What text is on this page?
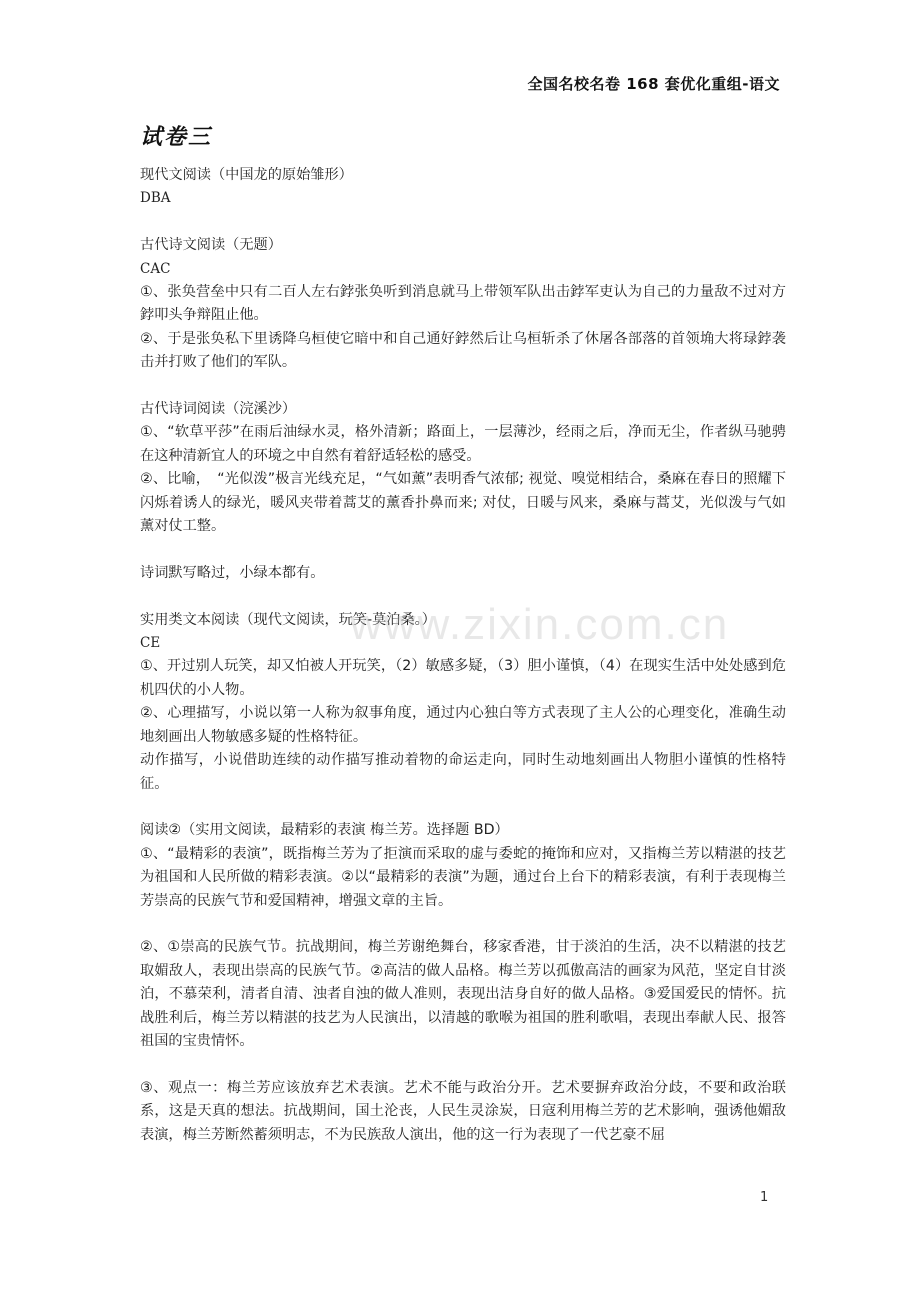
全国名校名卷 168 套优化重组-语文
试卷三

现代文阅读（中国龙的原始雏形）

DBA

古代诗文阅读（无题）

CAC

①、张奂营垒中只有二百人左右鋍张奂听到消息就马上带领军队出击鋍军吏认为自己的力量敌不过对方鋍叩头争辩阻止他。

②、于是张奂私下里诱降乌桓使它暗中和自己通好鋍然后让乌桓斩杀了休屠各部落的首领埆大将琭鋍袭击并打败了他们的军队。

古代诗词阅读（浣溪沙）

①、“软草平莎”在雨后油绿水灵，格外清新；路面上，一层薄沙，经雨之后，净而无尘，作者纵马驰骋在这种清新宜人的环境之中自然有着舒适轻松的感受。

②、比喻，　“光似泼”极言光线充足，“气如薰”表明香气浓郁; 视觉、嗅觉相结合，桑麻在春日的照耀下闪烁着诱人的绿光，暖风夹带着蒿艾的薰香扑鼻而来; 对仗，日暖与风来，桑麻与蒿艾，光似泼与气如薰对仗工整。

诗词默写略过，小绿本都有。

实用类文本阅读（现代文阅读，玩笑-莫泊桑。）

CE

①、开过别人玩笑，却又怕被人开玩笑，（2）敏感多疑，（3）胆小谨慎，（4）在现实生活中处处感到危机四伏的小人物。

②、心理描写，小说以第一人称为叙事角度，通过内心独白等方式表现了主人公的心理变化，准确生动地刻画出人物敏感多疑的性格特征。

动作描写，小说借助连续的动作描写推动着物的命运走向，同时生动地刻画出人物胆小谨慎的性格特征。

阅读②（实用文阅读，最精彩的表演 梅兰芳。选择题 BD）

①、“最精彩的表演”，既指梅兰芳为了拒演而采取的虚与委蛇的掩饰和应对，又指梅兰芳以精湛的技艺为祖国和人民所做的精彩表演。②以“最精彩的表演”为题，通过台上台下的精彩表演，有利于表现梅兰芳崇高的民族气节和爱国精神，增强文章的主旨。

②、①崇高的民族气节。抗战期间，梅兰芳谢绝舞台，移家香港，甘于淡泊的生活，决不以精湛的技艺取媚敌人，表现出崇高的民族气节。②高洁的做人品格。梅兰芳以孤傲高洁的画家为风范，坚定自甘淡泊，不慕荣利，清者自清、浊者自浊的做人准则，表现出洁身自好的做人品格。③爱国爱民的情怀。抗战胜利后，梅兰芳以精湛的技艺为人民演出，以清越的歌喉为祖国的胜利歌唱，表现出奉献人民、报答祖国的宝贵情怀。

③、观点一：梅兰芳应该放弃艺术表演。艺术不能与政治分开。艺术要摒弃政治分歧，不要和政治联系，这是天真的想法。抗战期间，国土沦丧，人民生灵涂炭，日寇利用梅兰芳的艺术影响，强诱他媚敌表演，梅兰芳断然蓄须明志，不为民族敌人演出，他的这一行为表现了一代艺豪不屈

www.zixin.com.cn
1
